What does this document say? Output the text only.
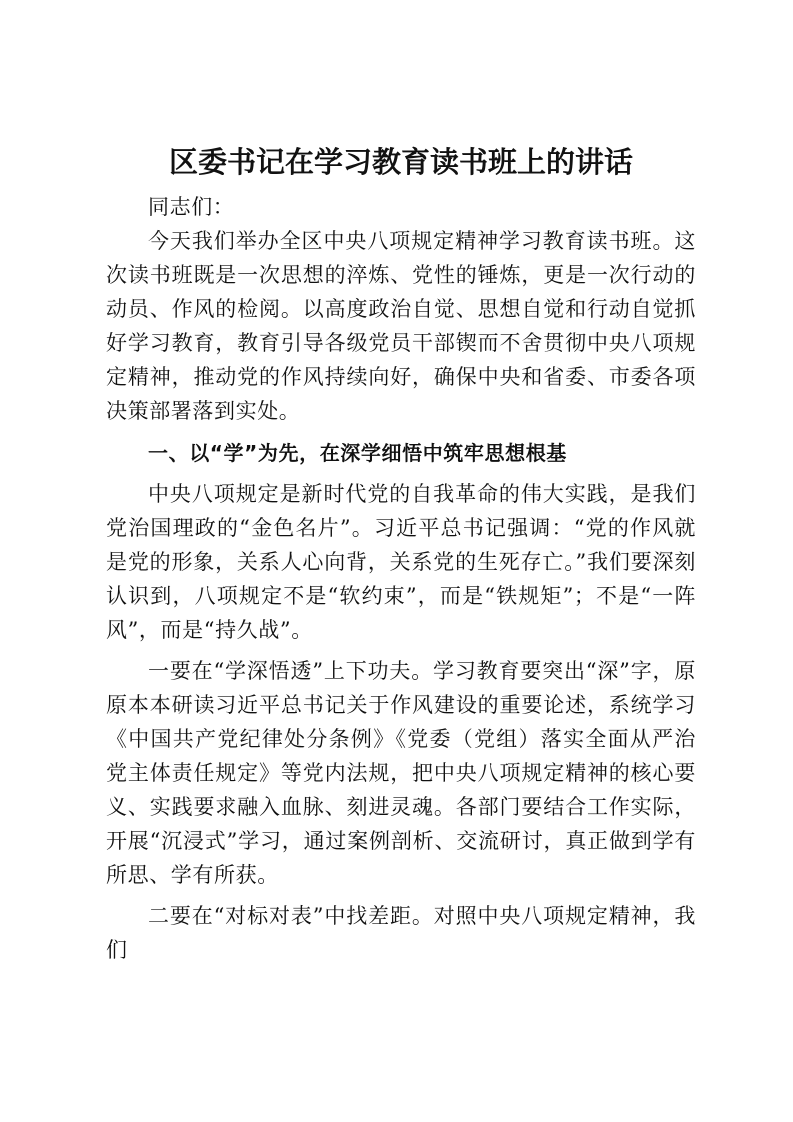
区委书记在学习教育读书班上的讲话

同志们：

今天我们举办全区中央八项规定精神学习教育读书班。这次读书班既是一次思想的淬炼、党性的锤炼，更是一次行动的动员、作风的检阅。以高度政治自觉、思想自觉和行动自觉抓好学习教育，教育引导各级党员干部锲而不舍贯彻中央八项规定精神，推动党的作风持续向好，确保中央和省委、市委各项决策部署落到实处。

一、以“学”为先，在深学细悟中筑牢思想根基

中央八项规定是新时代党的自我革命的伟大实践，是我们党治国理政的“金色名片”。习近平总书记强调：“党的作风就是党的形象，关系人心向背，关系党的生死存亡。”我们要深刻认识到，八项规定不是“软约束”，而是“铁规矩”；不是“一阵风”，而是“持久战”。

一要在“学深悟透”上下功夫。学习教育要突出“深”字，原原本本研读习近平总书记关于作风建设的重要论述，系统学习《中国共产党纪律处分条例》《党委（党组）落实全面从严治党主体责任规定》等党内法规，把中央八项规定精神的核心要义、实践要求融入血脉、刻进灵魂。各部门要结合工作实际，开展“沉浸式”学习，通过案例剖析、交流研讨，真正做到学有所思、学有所获。

二要在“对标对表”中找差距。对照中央八项规定精神，我们
